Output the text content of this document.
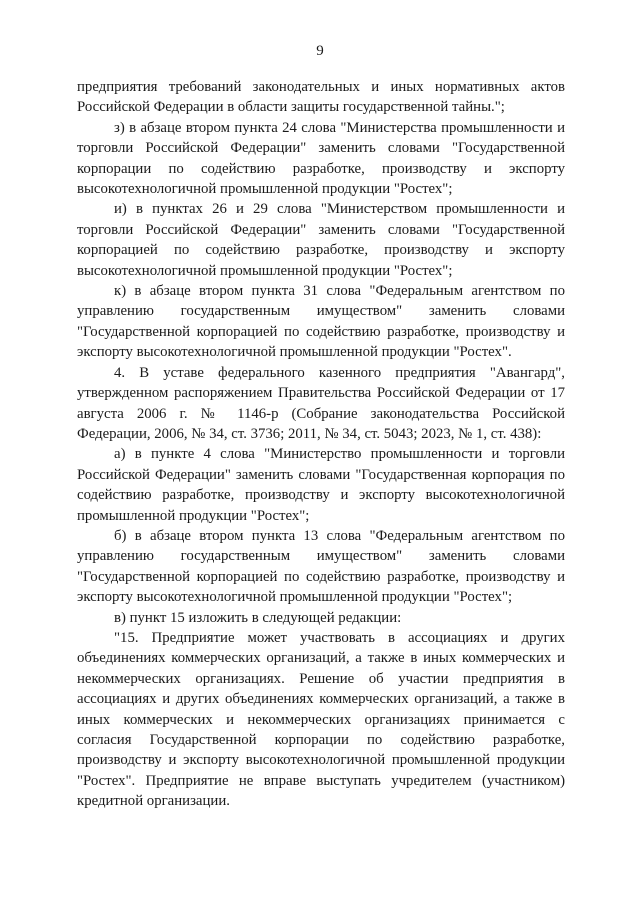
9

предприятия требований законодательных и иных нормативных актов Российской Федерации в области защиты государственной тайны.";

з) в абзаце втором пункта 24 слова "Министерства промышленности и торговли Российской Федерации" заменить словами "Государственной корпорации по содействию разработке, производству и экспорту высокотехнологичной промышленной продукции "Ростех";

и) в пунктах 26 и 29 слова "Министерством промышленности и торговли Российской Федерации" заменить словами "Государственной корпорацией по содействию разработке, производству и экспорту высокотехнологичной промышленной продукции "Ростех";

к) в абзаце втором пункта 31 слова "Федеральным агентством по управлению государственным имуществом" заменить словами "Государственной корпорацией по содействию разработке, производству и экспорту высокотехнологичной промышленной продукции "Ростех".

4. В уставе федерального казенного предприятия "Авангард", утвержденном распоряжением Правительства Российской Федерации от 17 августа 2006 г. № 1146-р (Собрание законодательства Российской Федерации, 2006, № 34, ст. 3736; 2011, № 34, ст. 5043; 2023, № 1, ст. 438):

а) в пункте 4 слова "Министерство промышленности и торговли Российской Федерации" заменить словами "Государственная корпорация по содействию разработке, производству и экспорту высокотехнологичной промышленной продукции "Ростех";

б) в абзаце втором пункта 13 слова "Федеральным агентством по управлению государственным имуществом" заменить словами "Государственной корпорацией по содействию разработке, производству и экспорту высокотехнологичной промышленной продукции "Ростех";

в) пункт 15 изложить в следующей редакции:

"15. Предприятие может участвовать в ассоциациях и других объединениях коммерческих организаций, а также в иных коммерческих и некоммерческих организациях. Решение об участии предприятия в ассоциациях и других объединениях коммерческих организаций, а также в иных коммерческих и некоммерческих организациях принимается с согласия Государственной корпорации по содействию разработке, производству и экспорту высокотехнологичной промышленной продукции "Ростех". Предприятие не вправе выступать учредителем (участником) кредитной организации.
